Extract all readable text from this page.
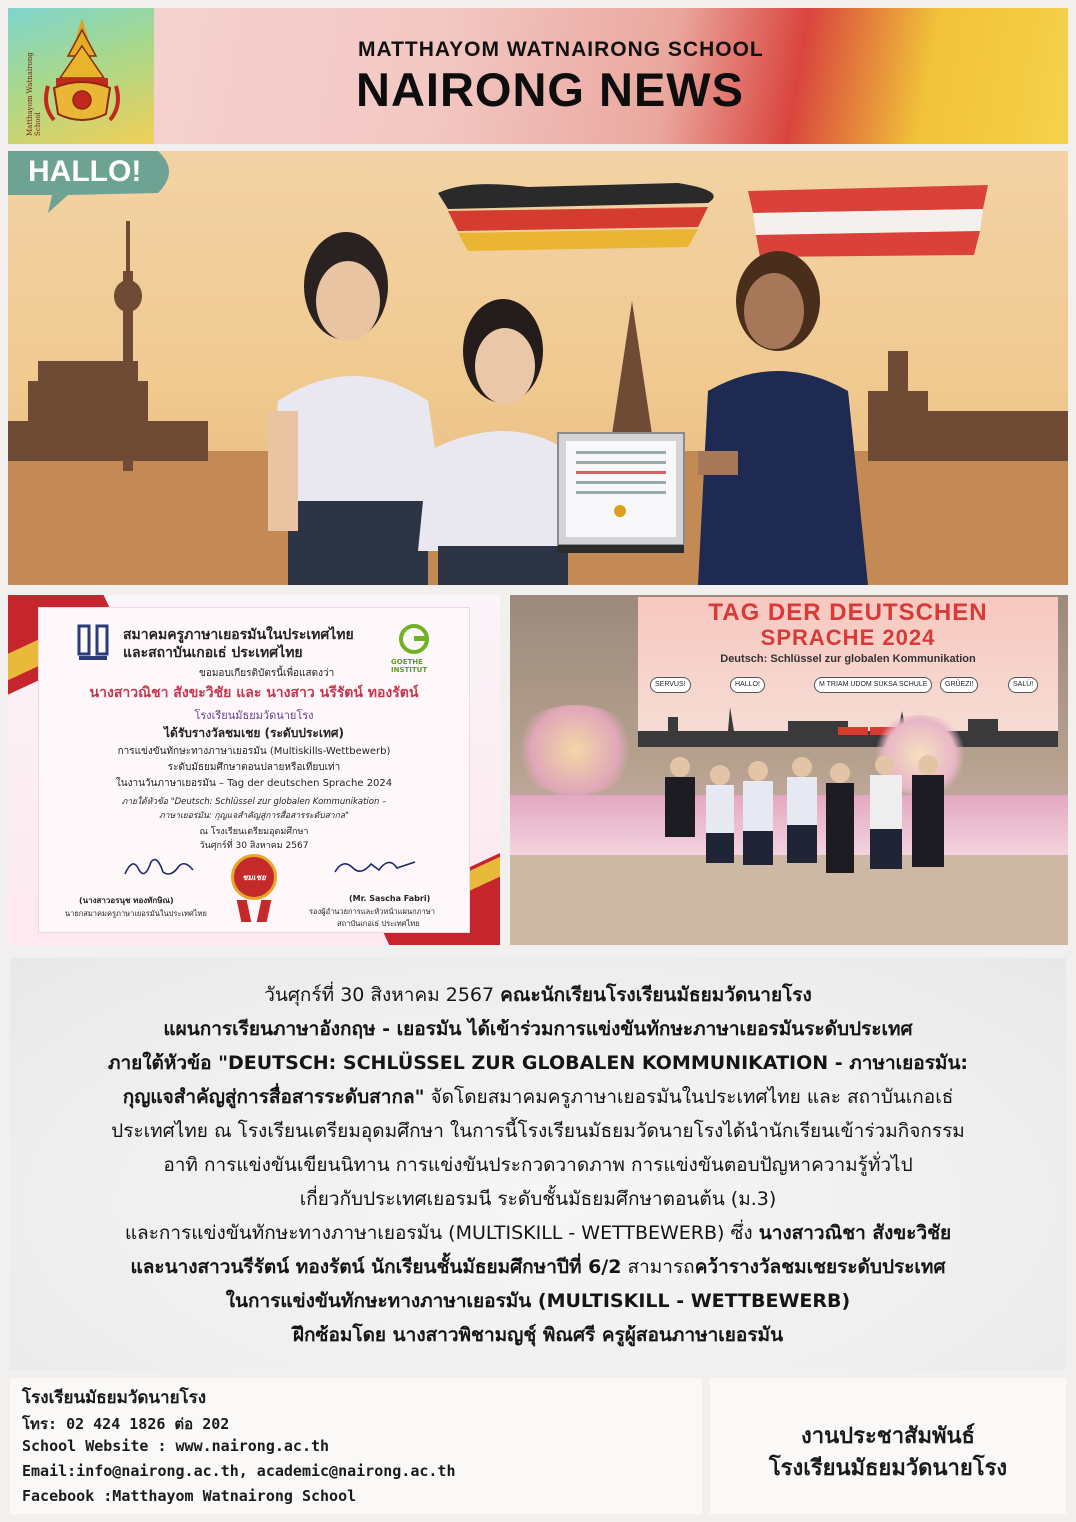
Matthayom Watnairong School
MATTHAYOM WATNAIRONG SCHOOL
NAIRONG NEWS
HALLO!
สมาคมครูภาษาเยอรมันในประเทศไทย
และสถาบันเกอเธ่ ประเทศไทย
GOETHE
INSTITUT
ขอมอบเกียรติบัตรนี้เพื่อแสดงว่า
นางสาวณิชา สังขะวิชัย และ นางสาว นรีรัตน์ ทองรัตน์
โรงเรียนมัธยมวัดนายโรง
ได้รับรางวัลชมเชย (ระดับประเทศ)
การแข่งขันทักษะทางภาษาเยอรมัน (Multiskills-Wettbewerb)
ระดับมัธยมศึกษาตอนปลายหรือเทียบเท่า
ในงานวันภาษาเยอรมัน – Tag der deutschen Sprache 2024
ภายใต้หัวข้อ "Deutsch: Schlüssel zur globalen Kommunikation –
ภาษาเยอรมัน: กุญแจสำคัญสู่การสื่อสารระดับสากล"
ณ โรงเรียนเตรียมอุดมศึกษา
วันศุกร์ที่ 30 สิงหาคม 2567
ชมเชย
(นางสาวอรนุช ทองทักษิณ)
นายกสมาคมครูภาษาเยอรมันในประเทศไทย
(Mr. Sascha Fabri)
รองผู้อำนวยการและหัวหน้าแผนกภาษา
สถาบันเกอเธ่ ประเทศไทย
TAG DER DEUTSCHEN
SPRACHE 2024
Deutsch: Schlüssel zur globalen Kommunikation
SERVUS!	HALLO!	M TRIAM UDOM SUKSA SCHULE	GRÜEZI!	SALÜ!
วันศุกร์ที่ 30 สิงหาคม 2567 คณะนักเรียนโรงเรียนมัธยมวัดนายโรง
แผนการเรียนภาษาอังกฤษ - เยอรมัน ได้เข้าร่วมการแข่งขันทักษะภาษาเยอรมันระดับประเทศ
ภายใต้หัวข้อ "DEUTSCH: SCHLÜSSEL ZUR GLOBALEN KOMMUNIKATION - ภาษาเยอรมัน:
กุญแจสำคัญสู่การสื่อสารระดับสากล" จัดโดยสมาคมครูภาษาเยอรมันในประเทศไทย และ สถาบันเกอเธ่
ประเทศไทย ณ โรงเรียนเตรียมอุดมศึกษา ในการนี้โรงเรียนมัธยมวัดนายโรงได้นำนักเรียนเข้าร่วมกิจกรรม
อาทิ การแข่งขันเขียนนิทาน การแข่งขันประกวดวาดภาพ การแข่งขันตอบปัญหาความรู้ทั่วไป
เกี่ยวกับประเทศเยอรมนี ระดับชั้นมัธยมศึกษาตอนต้น (ม.3)
และการแข่งขันทักษะทางภาษาเยอรมัน (MULTISKILL - WETTBEWERB) ซึ่ง นางสาวณิชา สังขะวิชัย
และนางสาวนรีรัตน์ ทองรัตน์ นักเรียนชั้นมัธยมศึกษาปีที่ 6/2 สามารถคว้ารางวัลชมเชยระดับประเทศ
ในการแข่งขันทักษะทางภาษาเยอรมัน (MULTISKILL - WETTBEWERB)
ฝึกซ้อมโดย นางสาวพิชามญชุ์ พิณศรี ครูผู้สอนภาษาเยอรมัน
โรงเรียนมัธยมวัดนายโรง
โทร: 02 424 1826 ต่อ 202
School Website : www.nairong.ac.th
Email:info@nairong.ac.th, academic@nairong.ac.th
Facebook :Matthayom Watnairong School
งานประชาสัมพันธ์
โรงเรียนมัธยมวัดนายโรง
